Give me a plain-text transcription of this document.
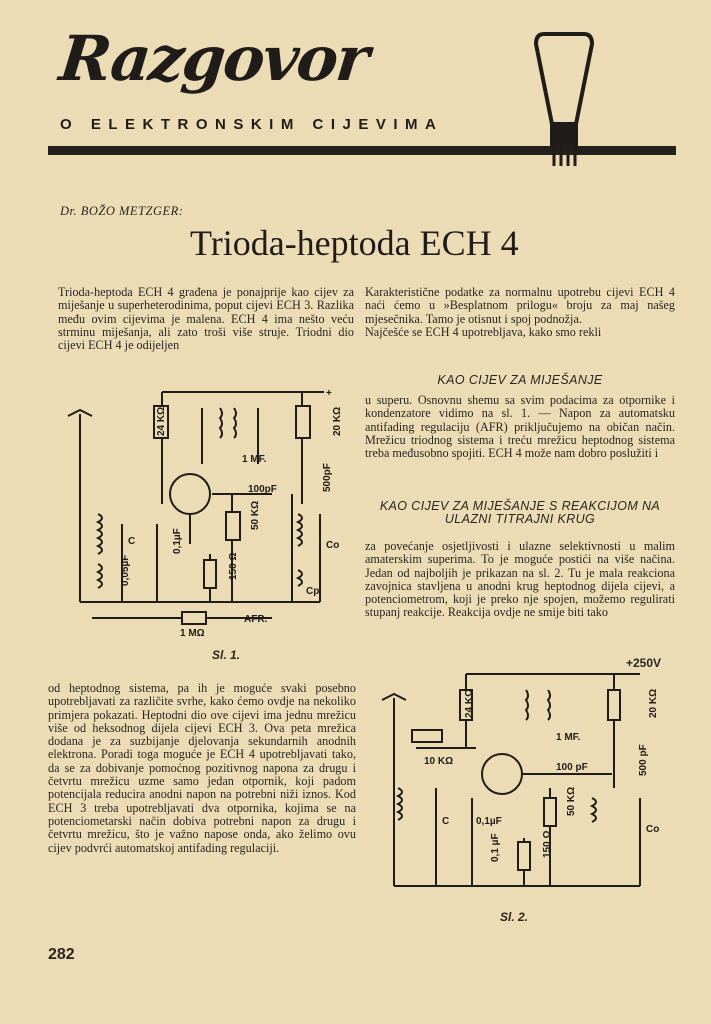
Razgovor
O ELEKTRONSKIM CIJEVIMA
Dr. BOŽO METZGER:
Trioda-heptoda ECH 4
Trioda-heptoda ECH 4 građena je ponajprije kao cijev za miješanje u superheterodinima, poput cijevi ECH 3. Razlika među ovim cijevima je malena. ECH 4 ima nešto veću strminu miješanja, ali zato troši više struje. Triodni dio cijevi ECH 4 je odijeljen
Karakteristične podatke za normalnu upotrebu cijevi ECH 4 naći ćemo u »Besplatnom prilogu« broju za maj našeg mjesečnika. Tamo je otisnut i spoj podnožja.
Najčešće se ECH 4 upotrebljava, kako smo rekli
KAO CIJEV ZA MIJEŠANJE
u superu. Osnovnu shemu sa svim podacima za otpornike i kondenzatore vidimo na sl. 1. — Napon za automatsku antifading regulaciju (AFR) priključujemo na običan način. Mrežicu triodnog sistema i treću mrežicu heptodnog sistema treba međusobno spojiti. ECH 4 može nam dobro poslužiti i
KAO CIJEV ZA MIJEŠANJE S REAKCIJOM NA ULAZNI TITRAJNI KRUG
za povećanje osjetljivosti i ulazne selektivnosti u malim amaterskim superima. To je moguće postići na više načina. Jedan od najboljih je prikazan na sl. 2. Tu je mala reakciona zavojnica stavljena u anodni krug heptodnog dijela cijevi, a potenciometrom, koji je preko nje spojen, možemo regulirati stupanj reakcije. Reakcija ovdje ne smije biti tako
od heptodnog sistema, pa ih je moguće svaki posebno upotrebljavati za različite svrhe, kako ćemo ovdje na nekoliko primjera pokazati. Heptodni dio ove cijevi ima jednu mrežicu više od heksodnog dijela cijevi ECH 3. Ova peta mrežica dodana je za suzbijanje djelovanja sekundarnih anodnih elektrona. Poradi toga moguće je ECH 4 upotrebljavati tako, da se za dobivanje pomoćnog pozitivnog napona za drugu i četvrtu mrežicu uzme samo jedan otpornik, koji padom potencijala reducira anodni napon na potrebni niži iznos. Kod ECH 3 treba upotrebljavati dva otpornika, kojima se na potenciometarski način dobiva potrebni napon za drugu i četvrtu mrežicu, što je važno napose onda, ako želimo ovu cijev podvrći automatskoj antifading regulaciji.
24 KΩ	20 KΩ
1 MF.
100pF	500pF
50 KΩ
150 Ω
0,1µF
0,05µF
C	Co
Cp
1 MΩ
AFR.
+
Sl. 1.
+250V
24 KΩ	20 KΩ
1 MF.
10 KΩ
100 pF	500 pF
50 KΩ
150 Ω
0,1µF
0,1 µF
C
Co
Sl. 2.
282
